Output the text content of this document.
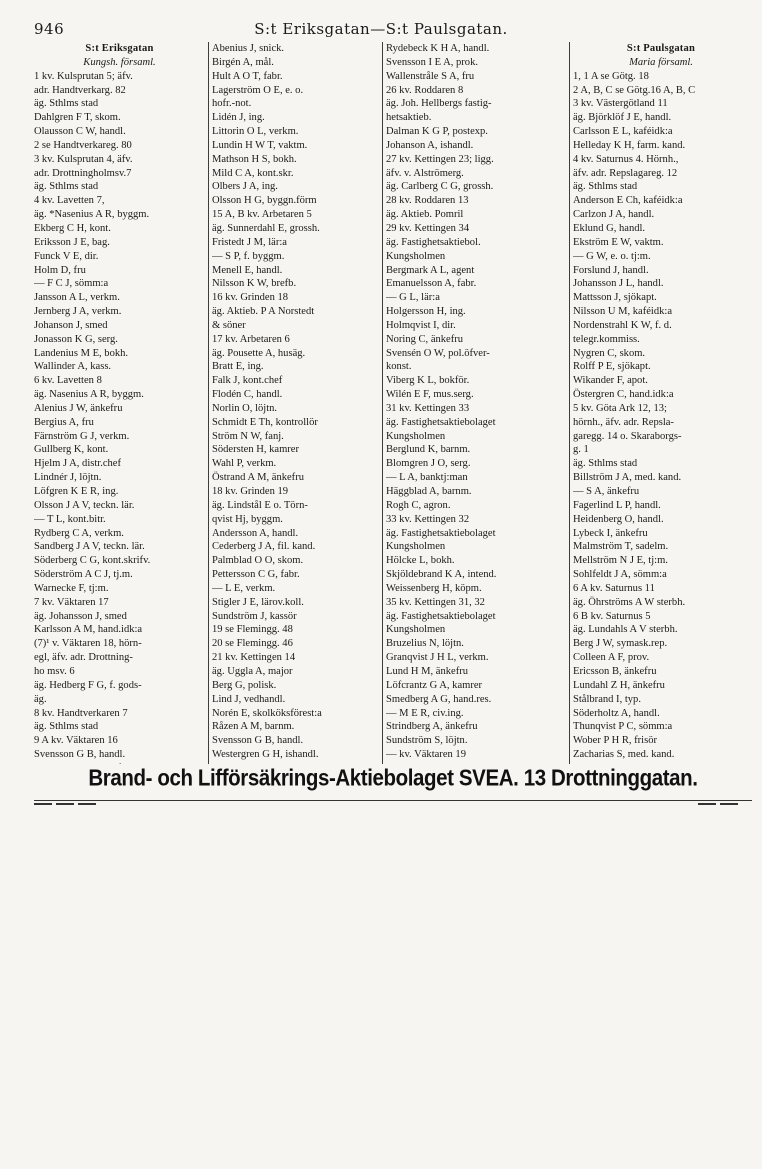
946	S:t Eriksgatan—S:t Paulsgatan.
S:t Eriksgatan
Kungsh. församl.
1 kv. Kulsprutan 5; äfv.
adr. Handtverkarg. 82
äg. Sthlms stad
Dahlgren F T, skom.
Olausson C W, handl.
2 se Handtverkareg. 80
3 kv. Kulsprutan 4, äfv.
adr. Drottningholmsv.7
äg. Sthlms stad
4 kv. Lavetten 7,
äg. *Nasenius A R, byggm.
Ekberg C H, kont.
Eriksson J E, bag.
Funck V E, dir.
Holm D, fru
— F C J, sömm:a
Jansson A L, verkm.
Jernberg J A, verkm.
Johanson J, smed
Jonasson K G, serg.
Landenius M E, bokh.
Wallinder A, kass.
6 kv. Lavetten 8
äg. Nasenius A R, byggm.
Alenius J W, änkefru
Bergius A, fru
Färnström G J, verkm.
Gullberg K, kont.
Hjelm J A, distr.chef
Lindnér J, löjtn.
Löfgren K E R, ing.
Olsson J A V, teckn. lär.
— T L, kont.bitr.
Rydberg C A, verkm.
Sandberg J A V, teckn. lär.
Söderberg C G, kont.skrifv.
Söderström A C J, tj.m.
Warnecke F, tj:m.
7 kv. Väktaren 17
äg. Johansson J, smed
Karlsson A M, hand.idk:a
(7)¹ v. Väktaren 18, hörn-
egl, äfv. adr. Drottning-
ho msv. 6
äg. Hedberg F G, f. gods-
äg.
8 kv. Handtverkaren 7
äg. Sthlms stad
9 A kv. Väktaren 16
Svensson G B, handl.
Abenius J, snick.
Birgén A, mål.
Hult A O T, fabr.
Lagerström O E, e. o.
hofr.-not.
Lidén J, ing.
Littorin O L, verkm.
Lundin H W T, vaktm.
Mathson H S, bokh.
Mild C A, kont.skr.
Olbers J A, ing.
Olsson H G, byggn.förm
15 A, B kv. Arbetaren 5
äg. Sunnerdahl E, grossh.
Fristedt J M, lär:a
— S P, f. byggm.
Menell E, handl.
Nilsson K W, brefb.
16 kv. Grinden 18
äg. Aktieb. P A Norstedt
& söner
17 kv. Arbetaren 6
äg. Pousette A, husäg.
Bratt E, ing.
Falk J, kont.chef
Flodén C, handl.
Norlin O, löjtn.
Schmidt E Th, kontrollör
Ström N W, fanj.
Södersten H, kamrer
Wahl P, verkm.
Östrand A M, änkefru
18 kv. Grinden 19
äg. Lindstål E o. Törn-
qvist Hj, byggm.
Andersson A, handl.
Cederberg J A, fil. kand.
Palmblad O O, skom.
Pettersson C G, fabr.
— L E, verkm.
Stigler J E, lärov.koll.
Sundström J, kassör
19 se Flemingg. 48
20 se Flemingg. 46
21 kv. Kettingen 14
äg. Uggla A, major
Berg G, polisk.
Lind J, vedhandl.
Norén E, skolköksförest:a
Råzen A M, barnm.
Svensson G B, handl.
Westergren G H, ishandl.
Rydebeck K H A, handl.
Svensson I E A, prok.
Wallenstråle S A, fru
26 kv. Roddaren 8
äg. Joh. Hellbergs fastig-
hetsaktieb.
Dalman K G P, postexp.
Johanson A, ishandl.
27 kv. Kettingen 23; ligg.
äfv. v. Alströmerg.
äg. Carlberg C G, grossh.
28 kv. Roddaren 13
äg. Aktieb. Pomril
29 kv. Kettingen 34
äg. Fastighetsaktiebol.
Kungsholmen
Bergmark A L, agent
Emanuelsson A, fabr.
— G L, lär:a
Holgersson H, ing.
Holmqvist I, dir.
Noring C, änkefru
Svensén O W, pol.öfver-
konst.
Viberg K L, bokför.
Wilén E F, mus.serg.
31 kv. Kettingen 33
äg. Fastighetsaktiebolaget
Kungsholmen
Berglund K, barnm.
Blomgren J O, serg.
— L A, banktj:man
Häggblad A, barnm.
Rogh C, agron.
33 kv. Kettingen 32
äg. Fastighetsaktiebolaget
Kungsholmen
Hölcke L, bokh.
Skjöldebrand K A, intend.
Weissenberg H, köpm.
35 kv. Kettingen 31, 32
äg. Fastighetsaktiebolaget
Kungsholmen
Bruzelius N, löjtn.
Granqvist J H L, verkm.
Lund H M, änkefru
Löfcrantz G A, kamrer
Smedberg A G, hand.res.
— M E R, civ.ing.
Strindberg A, änkefru
Sundström S, löjtn.
— kv. Väktaren 19
S:t Paulsgatan
Maria församl.
1, 1 A se Götg. 18
2 A, B, C se Götg.16 A, B, C
3 kv. Västergötland 11
äg. Björklöf J E, handl.
Carlsson E L, kaféidk:a
Helleday K H, farm. kand.
4 kv. Saturnus 4. Hörnh.,
äfv. adr. Repslagareg. 12
äg. Sthlms stad
Anderson E Ch, kaféidk:a
Carlzon J A, handl.
Eklund G, handl.
Ekström E W, vaktm.
— G W, e. o. tj:m.
Forslund J, handl.
Johansson J L, handl.
Mattsson J, sjökapt.
Nilsson U M, kaféidk:a
Nordenstrahl K W, f. d.
telegr.kommiss.
Nygren C, skom.
Rolff P E, sjökapt.
Wikander F, apot.
Östergren C, hand.idk:a
5 kv. Göta Ark 12, 13;
hörnh., äfv. adr. Repsla-
garegg. 14 o. Skaraborgs-
g. 1
äg. Sthlms stad
Billström J A, med. kand.
— S A, änkefru
Fagerlind L P, handl.
Heidenberg O, handl.
Lybeck I, änkefru
Malmström T, sadelm.
Mellström N J E, tj:m.
Sohlfeldt J A, sömm:a
6 A kv. Saturnus 11
äg. Öhrströms A W sterbh.
6 B kv. Saturnus 5
äg. Lundahls A V sterbh.
Berg J W, symask.rep.
Colleen A F, prov.
Ericsson B, änkefru
Lundahl Z H, änkefru
Stålbrand I, typ.
Söderholtz A, handl.
Thunqvist P C, sömm:a
Wober P H R, frisör
Zacharias S, med. kand.
Brand- och Lifförsäkrings-Aktiebolaget SVEA. 13 Drottninggatan.
